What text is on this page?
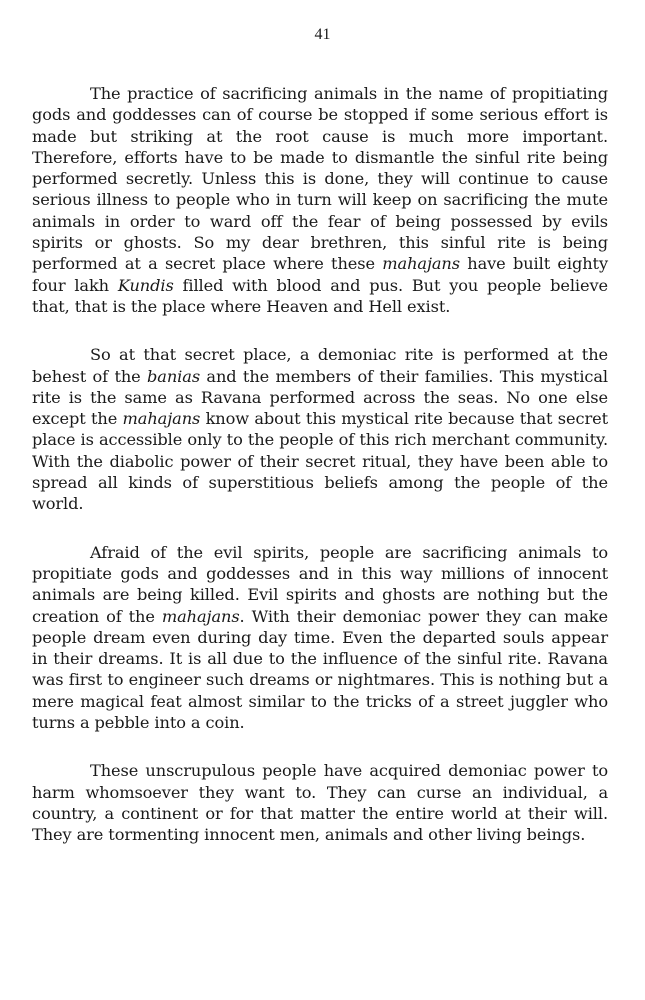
41

The practice of sacrificing animals in the name of propitiating gods and goddesses can of course be stopped if some serious effort is made but striking at the root cause is much more important. Therefore, efforts have to be made to dismantle the sinful rite being performed secretly. Unless this is done, they will continue to cause serious illness to people who in turn will keep on sacrificing the mute animals in order to ward off the fear of being possessed by evils spirits or ghosts. So my dear brethren, this sinful rite is being performed at a secret place where these mahajans have built eighty four lakh Kundis filled with blood and pus. But you people believe that, that is the place where Heaven and Hell exist.

So at that secret place, a demoniac rite is performed at the behest of the banias and the members of their families. This mystical rite is the same as Ravana performed across the seas. No one else except the mahajans know about this mystical rite because that secret place is accessible only to the people of this rich merchant community. With the diabolic power of their secret ritual, they have been able to spread all kinds of superstitious beliefs among the people of the world.

Afraid of the evil spirits, people are sacrificing animals to propitiate gods and goddesses and in this way millions of innocent animals are being killed. Evil spirits and ghosts are nothing but the creation of the mahajans. With their demoniac power they can make people dream even during day time. Even the departed souls appear in their dreams. It is all due to the influence of the sinful rite. Ravana was first to engineer such dreams or nightmares. This is nothing but a mere magical feat almost similar to the tricks of a street juggler who turns a pebble into a coin.

These unscrupulous people have acquired demoniac power to harm whomsoever they want to. They can curse an individual, a country, a continent or for that matter the entire world at their will. They are tormenting innocent men, animals and other living beings.
